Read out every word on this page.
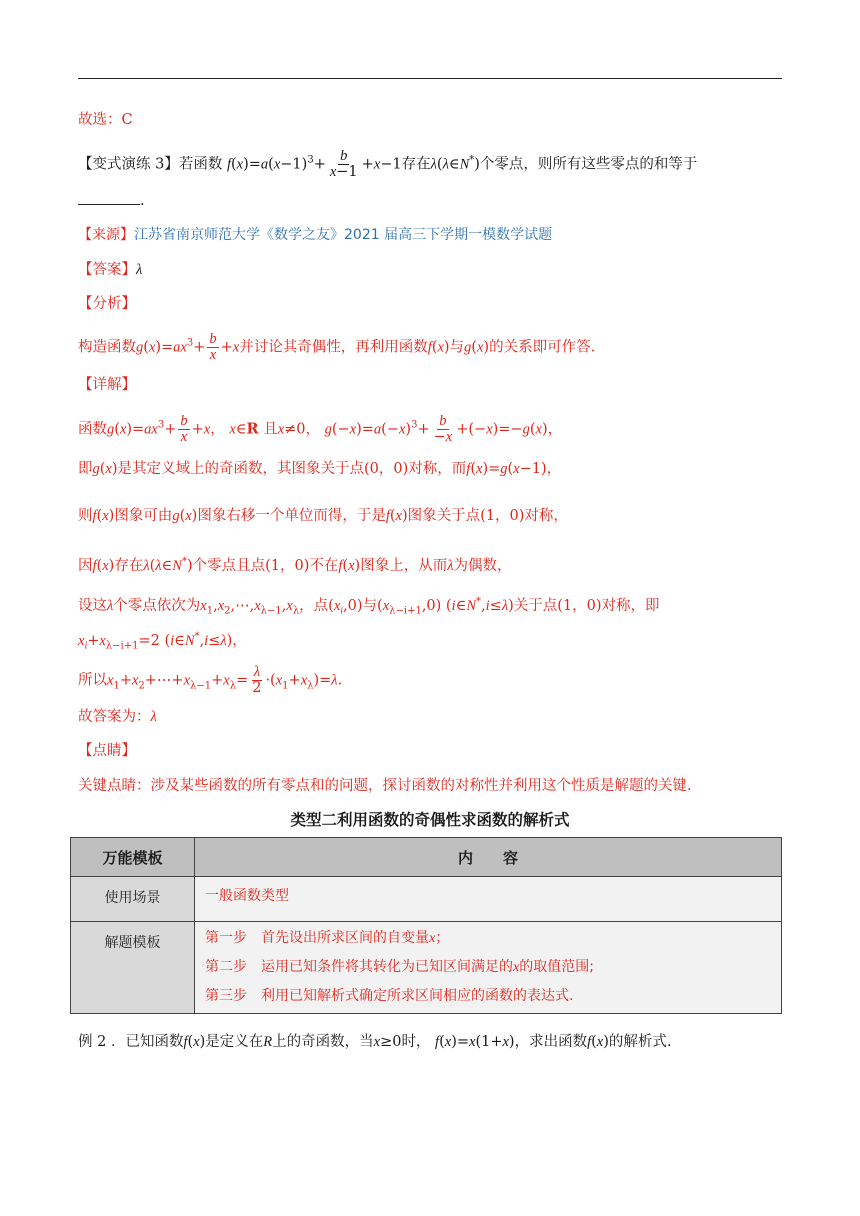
故选：C
【变式演练 3】若函数 $f(x)=a(x-1)^3+ \frac{b}{x-1} +x-1$存在λ(λ∈N*)个零点，则所有这些零点的和等于
.
【来源】江苏省南京师范大学《数学之友》2021 届高三下学期一模数学试题
【答案】λ
【分析】
构造函数$g(x)=ax^3+ \frac{b}{x} +x$并讨论其奇偶性，再利用函数f(x)与g(x)的关系即可作答.
【详解】
函数$g(x)=ax^3+ \frac{b}{x} +x$， x∈R 且x≠0， $g(-x)=a(-x)^3+ \frac{b}{-x} +(-x)=-g(x)$，
即g(x)是其定义域上的奇函数，其图象关于点(0，0)对称，而f(x)=g(x−1)，
则f(x)图象可由g(x)图象右移一个单位而得，于是f(x)图象关于点(1，0)对称，
因f(x)存在λ(λ∈N*)个零点且点(1，0)不在f(x)图象上，从而λ为偶数，
设这λ个零点依次为$x_1,x_2,\cdots,x_{\lambda-1},x_\lambda$，点$(x_i,0)$与$(x_{\lambda-i+1},0)$ (i∈N*,i≤λ)关于点(1，0)对称，即
$x_i+x_{\lambda-i+1}=2$ (i∈N*,i≤λ)，
所以$x_1+x_2+\cdots+x_{\lambda-1}+x_\lambda= \frac{\lambda}{2} \cdot(x_1+x_\lambda)=\lambda$.
故答案为：λ
【点睛】
关键点睛：涉及某些函数的所有零点和的问题，探讨函数的对称性并利用这个性质是解题的关键.
类型二利用函数的奇偶性求函数的解析式
万能模板	内　　容
使用场景	一般函数类型
解题模板	第一步　首先设出所求区间的自变量x；
第二步　运用已知条件将其转化为已知区间满足的x的取值范围;
第三步　利用已知解析式确定所求区间相应的函数的表达式.
例 2 ．已知函数f(x)是定义在R上的奇函数，当x≥0时， f(x)=x(1+x)，求出函数f(x)的解析式.
